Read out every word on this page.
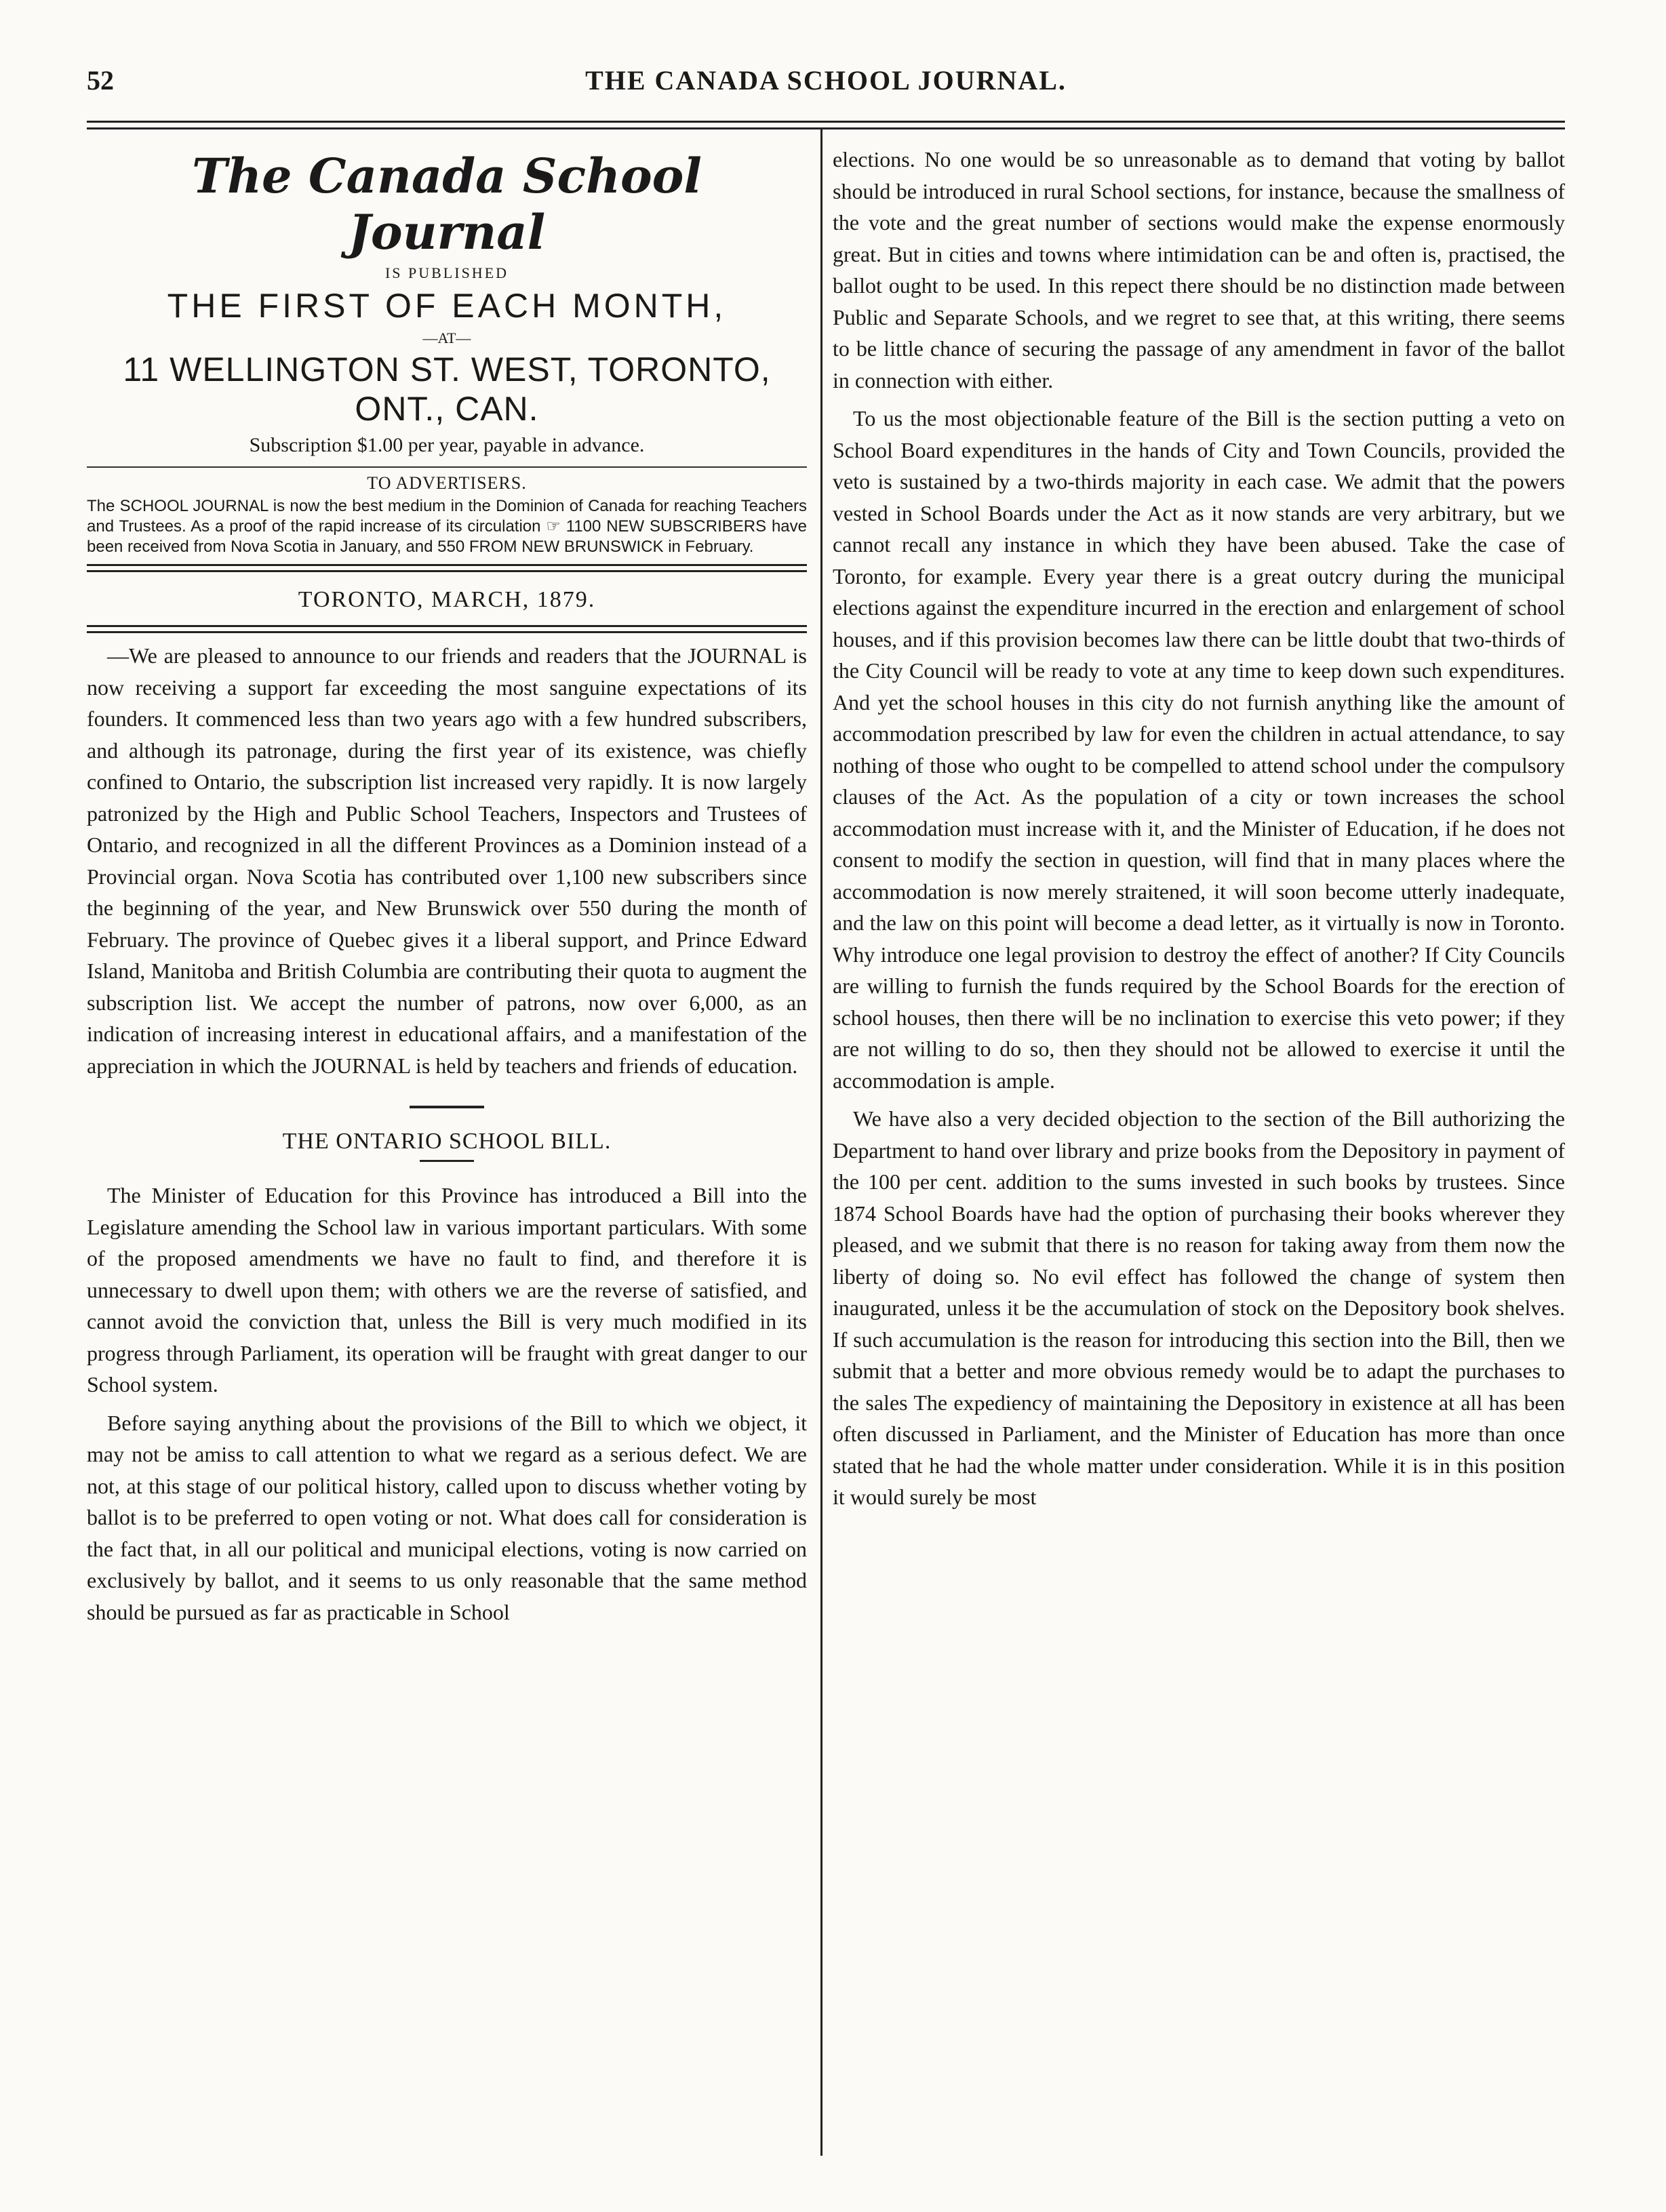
52	THE CANADA SCHOOL JOURNAL.
The Canada School Journal
IS PUBLISHED
THE FIRST OF EACH MONTH,
—AT—
11 WELLINGTON ST. WEST, TORONTO, ONT., CAN.
Subscription $1.00 per year, payable in advance.
TO ADVERTISERS.

The SCHOOL JOURNAL is now the best medium in the Dominion of Canada for reaching Teachers and Trustees. As a proof of the rapid increase of its circulation ☞ 1100 NEW SUBSCRIBERS have been received from Nova Scotia in January, and 550 FROM NEW BRUNSWICK in February.

TORONTO, MARCH, 1879.

—We are pleased to announce to our friends and readers that the JOURNAL is now receiving a support far exceeding the most sanguine expectations of its founders. It commenced less than two years ago with a few hundred subscribers, and although its patronage, during the first year of its existence, was chiefly confined to Ontario, the subscription list increased very rapidly. It is now largely patronized by the High and Public School Teachers, Inspectors and Trustees of Ontario, and recognized in all the different Provinces as a Dominion instead of a Provincial organ. Nova Scotia has contributed over 1,100 new subscribers since the beginning of the year, and New Brunswick over 550 during the month of February. The province of Quebec gives it a liberal support, and Prince Edward Island, Manitoba and British Columbia are contributing their quota to augment the subscription list. We accept the number of patrons, now over 6,000, as an indication of increasing interest in educational affairs, and a manifestation of the appreciation in which the JOURNAL is held by teachers and friends of education.

THE ONTARIO SCHOOL BILL.

The Minister of Education for this Province has introduced a Bill into the Legislature amending the School law in various important particulars. With some of the proposed amendments we have no fault to find, and therefore it is unnecessary to dwell upon them; with others we are the reverse of satisfied, and cannot avoid the conviction that, unless the Bill is very much modified in its progress through Parliament, its operation will be fraught with great danger to our School system.

Before saying anything about the provisions of the Bill to which we object, it may not be amiss to call attention to what we regard as a serious defect. We are not, at this stage of our political history, called upon to discuss whether voting by ballot is to be preferred to open voting or not. What does call for consideration is the fact that, in all our political and municipal elections, voting is now carried on exclusively by ballot, and it seems to us only reasonable that the same method should be pursued as far as practicable in School

elections. No one would be so unreasonable as to demand that voting by ballot should be introduced in rural School sections, for instance, because the smallness of the vote and the great number of sections would make the expense enormously great. But in cities and towns where intimidation can be and often is, practised, the ballot ought to be used. In this repect there should be no distinction made between Public and Separate Schools, and we regret to see that, at this writing, there seems to be little chance of securing the passage of any amendment in favor of the ballot in connection with either.

To us the most objectionable feature of the Bill is the section putting a veto on School Board expenditures in the hands of City and Town Councils, provided the veto is sustained by a two-thirds majority in each case. We admit that the powers vested in School Boards under the Act as it now stands are very arbitrary, but we cannot recall any instance in which they have been abused. Take the case of Toronto, for example. Every year there is a great outcry during the municipal elections against the expenditure incurred in the erection and enlargement of school houses, and if this provision becomes law there can be little doubt that two-thirds of the City Council will be ready to vote at any time to keep down such expenditures. And yet the school houses in this city do not furnish anything like the amount of accommodation prescribed by law for even the children in actual attendance, to say nothing of those who ought to be compelled to attend school under the compulsory clauses of the Act. As the population of a city or town increases the school accommodation must increase with it, and the Minister of Education, if he does not consent to modify the section in question, will find that in many places where the accommodation is now merely straitened, it will soon become utterly inadequate, and the law on this point will become a dead letter, as it virtually is now in Toronto. Why introduce one legal provision to destroy the effect of another? If City Councils are willing to furnish the funds required by the School Boards for the erection of school houses, then there will be no inclination to exercise this veto power; if they are not willing to do so, then they should not be allowed to exercise it until the accommodation is ample.

We have also a very decided objection to the section of the Bill authorizing the Department to hand over library and prize books from the Depository in payment of the 100 per cent. addition to the sums invested in such books by trustees. Since 1874 School Boards have had the option of purchasing their books wherever they pleased, and we submit that there is no reason for taking away from them now the liberty of doing so. No evil effect has followed the change of system then inaugurated, unless it be the accumulation of stock on the Depository book shelves. If such accumulation is the reason for introducing this section into the Bill, then we submit that a better and more obvious remedy would be to adapt the purchases to the sales The expediency of maintaining the Depository in existence at all has been often discussed in Parliament, and the Minister of Education has more than once stated that he had the whole matter under consideration. While it is in this position it would surely be most
